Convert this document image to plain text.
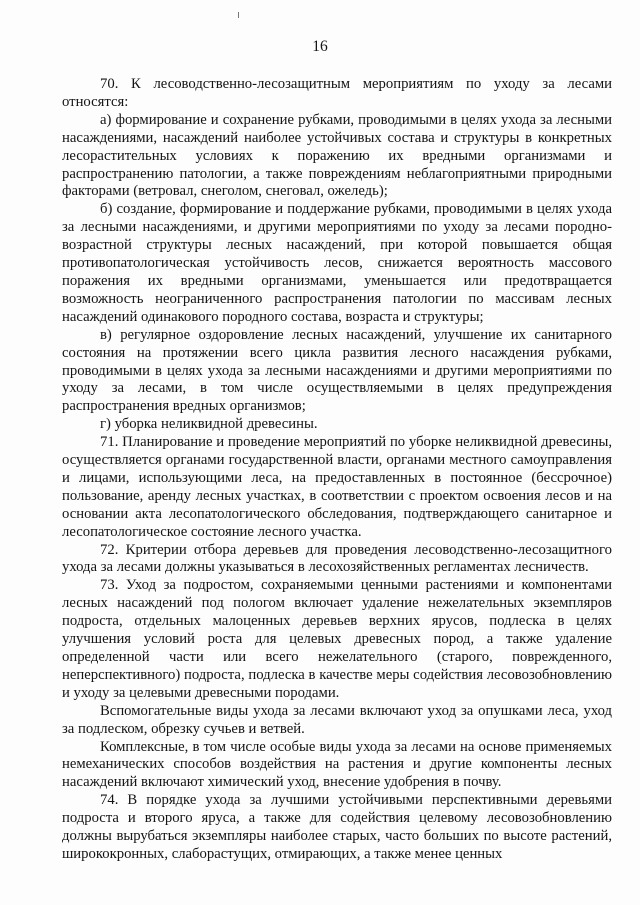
16

70. К лесоводственно-лесозащитным мероприятиям по уходу за лесами относятся:

а) формирование и сохранение рубками, проводимыми в целях ухода за лесными насаждениями, насаждений наиболее устойчивых состава и структуры в конкретных лесорастительных условиях к поражению их вредными организмами и распространению патологии, а также повреждениям неблагоприятными природными факторами (ветровал, снеголом, снеговал, ожеледь);

б) создание, формирование и поддержание рубками, проводимыми в целях ухода за лесными насаждениями, и другими мероприятиями по уходу за лесами породно-возрастной структуры лесных насаждений, при которой повышается общая противопатологическая устойчивость лесов, снижается вероятность массового поражения их вредными организмами, уменьшается или предотвращается возможность неограниченного распространения патологии по массивам лесных насаждений одинакового породного состава, возраста и структуры;

в) регулярное оздоровление лесных насаждений, улучшение их санитарного состояния на протяжении всего цикла развития лесного насаждения рубками, проводимыми в целях ухода за лесными насаждениями и другими мероприятиями по уходу за лесами, в том числе осуществляемыми в целях предупреждения распространения вредных организмов;

г) уборка неликвидной древесины.

71. Планирование и проведение мероприятий по уборке неликвидной древесины, осуществляется органами государственной власти, органами местного самоуправления и лицами, использующими леса, на предоставленных в постоянное (бессрочное) пользование, аренду лесных участках, в соответствии с проектом освоения лесов и на основании акта лесопатологического обследования, подтверждающего санитарное и лесопатологическое состояние лесного участка.

72. Критерии отбора деревьев для проведения лесоводственно-лесозащитного ухода за лесами должны указываться в лесохозяйственных регламентах лесничеств.

73. Уход за подростом, сохраняемыми ценными растениями и компонентами лесных насаждений под пологом включает удаление нежелательных экземпляров подроста, отдельных малоценных деревьев верхних ярусов, подлеска в целях улучшения условий роста для целевых древесных пород, а также удаление определенной части или всего нежелательного (старого, поврежденного, неперспективного) подроста, подлеска в качестве меры содействия лесовозобновлению и уходу за целевыми древесными породами.

Вспомогательные виды ухода за лесами включают уход за опушками леса, уход за подлеском, обрезку сучьев и ветвей.

Комплексные, в том числе особые виды ухода за лесами на основе применяемых немеханических способов воздействия на растения и другие компоненты лесных насаждений включают химический уход, внесение удобрения в почву.

74. В порядке ухода за лучшими устойчивыми перспективными деревьями подроста и второго яруса, а также для содействия целевому лесовозобновлению должны вырубаться экземпляры наиболее старых, часто больших по высоте растений, ширококронных, слаборастущих, отмирающих, а также менее ценных
